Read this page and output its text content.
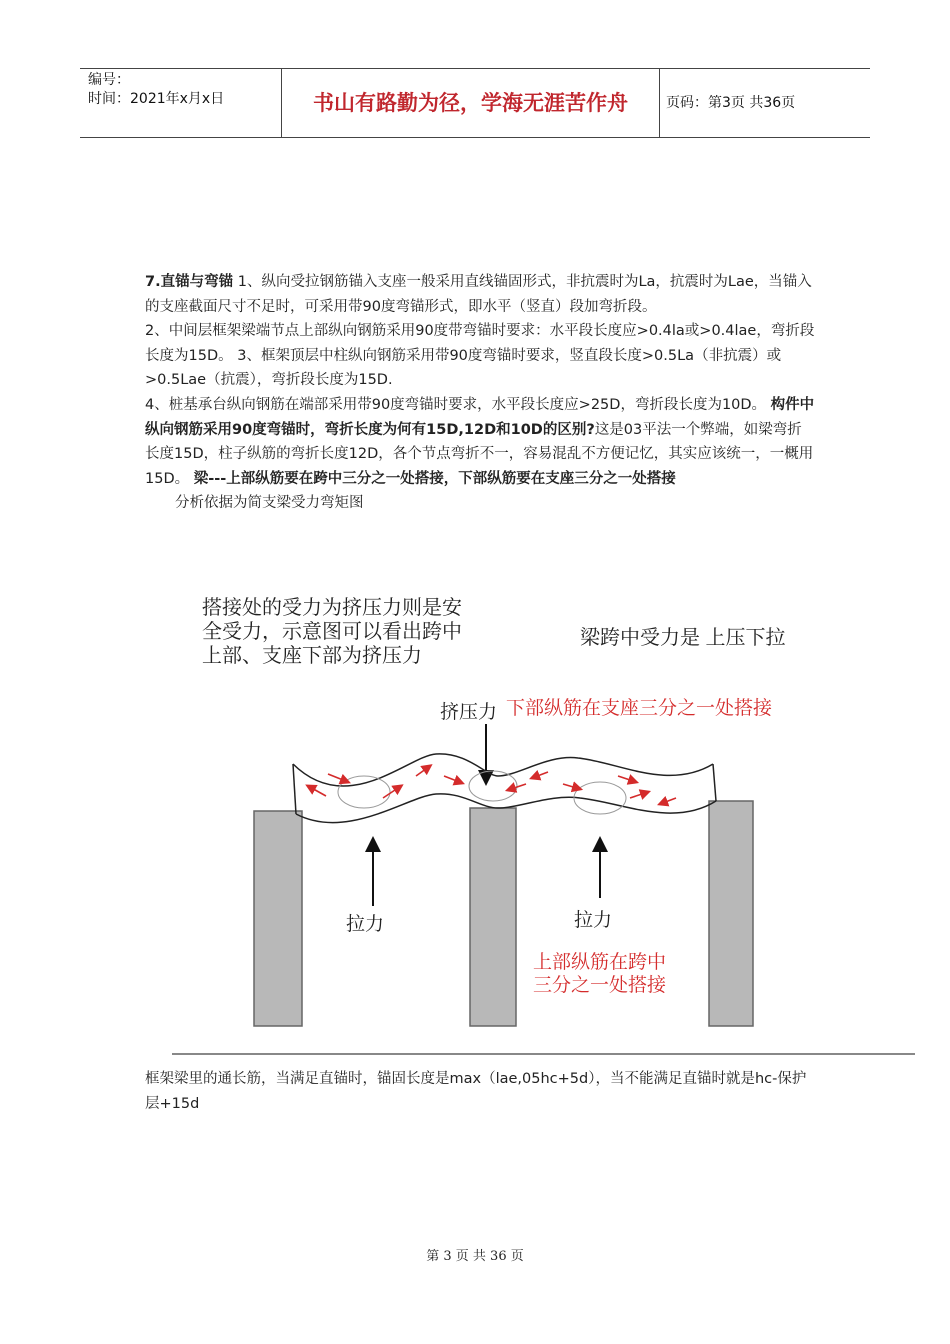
编号：
时间：2021年x月x日	书山有路勤为径，学海无涯苦作舟	页码：第3页 共36页

7.直锚与弯锚 1、纵向受拉钢筋锚入支座一般采用直线锚固形式，非抗震时为La，抗震时为Lae，当锚入的支座截面尺寸不足时，可采用带90度弯锚形式，即水平（竖直）段加弯折段。

2、中间层框架梁端节点上部纵向钢筋采用90度带弯锚时要求：水平段长度应>0.4la或>0.4lae，弯折段长度为15D。 3、框架顶层中柱纵向钢筋采用带90度弯锚时要求，竖直段长度>0.5La（非抗震）或>0.5Lae（抗震），弯折段长度为15D.

4、桩基承台纵向钢筋在端部采用带90度弯锚时要求，水平段长度应>25D，弯折段长度为10D。 构件中纵向钢筋采用90度弯锚时，弯折长度为何有15D,12D和10D的区别?这是03平法一个弊端，如梁弯折长度15D，柱子纵筋的弯折长度12D，各个节点弯折不一，容易混乱不方便记忆，其实应该统一，一概用15D。 梁---上部纵筋要在跨中三分之一处搭接，下部纵筋要在支座三分之一处搭接

分析依据为简支梁受力弯矩图

搭接处的受力为挤压力则是安
全受力，示意图可以看出跨中
上部、支座下部为挤压力
梁跨中受力是 上压下拉
挤压力 下部纵筋在支座三分之一处搭接
拉力	拉力
上部纵筋在跨中
三分之一处搭接

框架梁里的通长筋，当满足直锚时，锚固长度是max（lae,05hc+5d），当不能满足直锚时就是hc-保护层+15d

第 3 页 共 36 页
